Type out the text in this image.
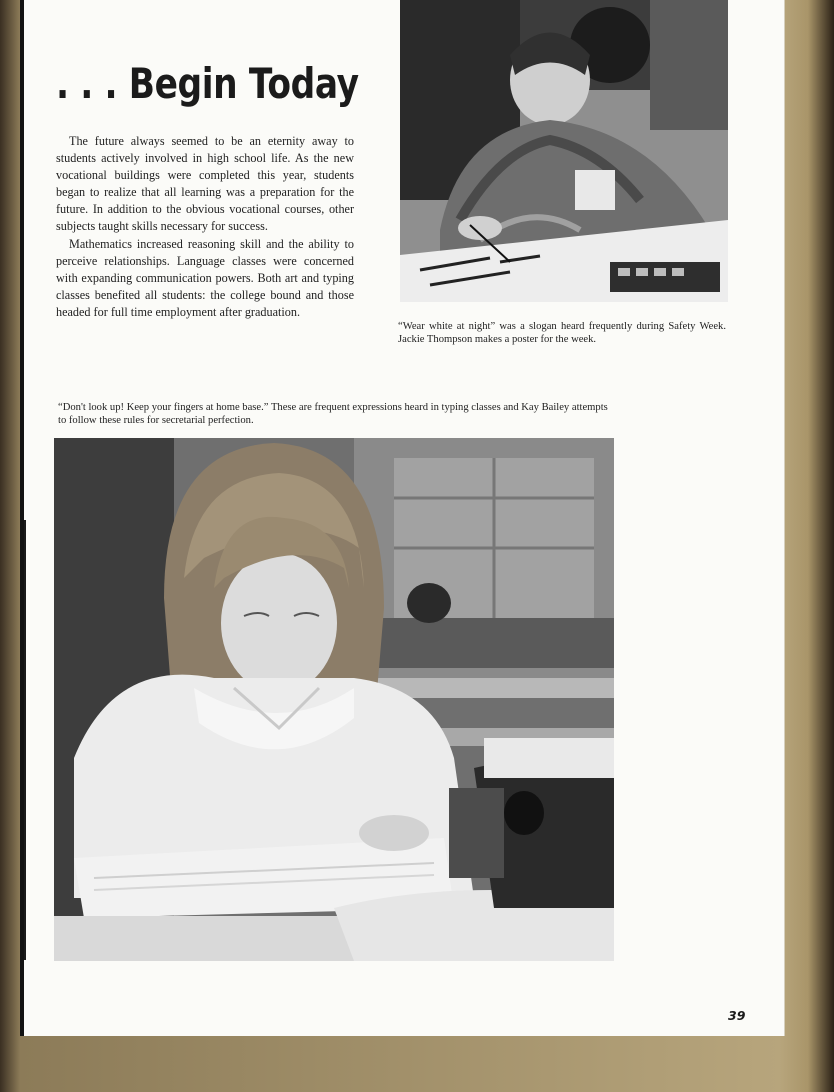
. . . Begin Today

The future always seemed to be an eternity away to students actively involved in high school life. As the new vocational buildings were completed this year, students began to realize that all learning was a preparation for the future. In addition to the obvious vocational courses, other subjects taught skills necessary for success.

Mathematics increased reasoning skill and the ability to perceive relationships. Language classes were concerned with expanding communication powers. Both art and typing classes benefited all students: the college bound and those headed for full time employment after graduation.

“Wear white at night” was a slogan heard frequently during Safety Week. Jackie Thompson makes a poster for the week.

“Don't look up! Keep your fingers at home base.” These are frequent expressions heard in typing classes and Kay Bailey attempts to follow these rules for secretarial perfection.

39
